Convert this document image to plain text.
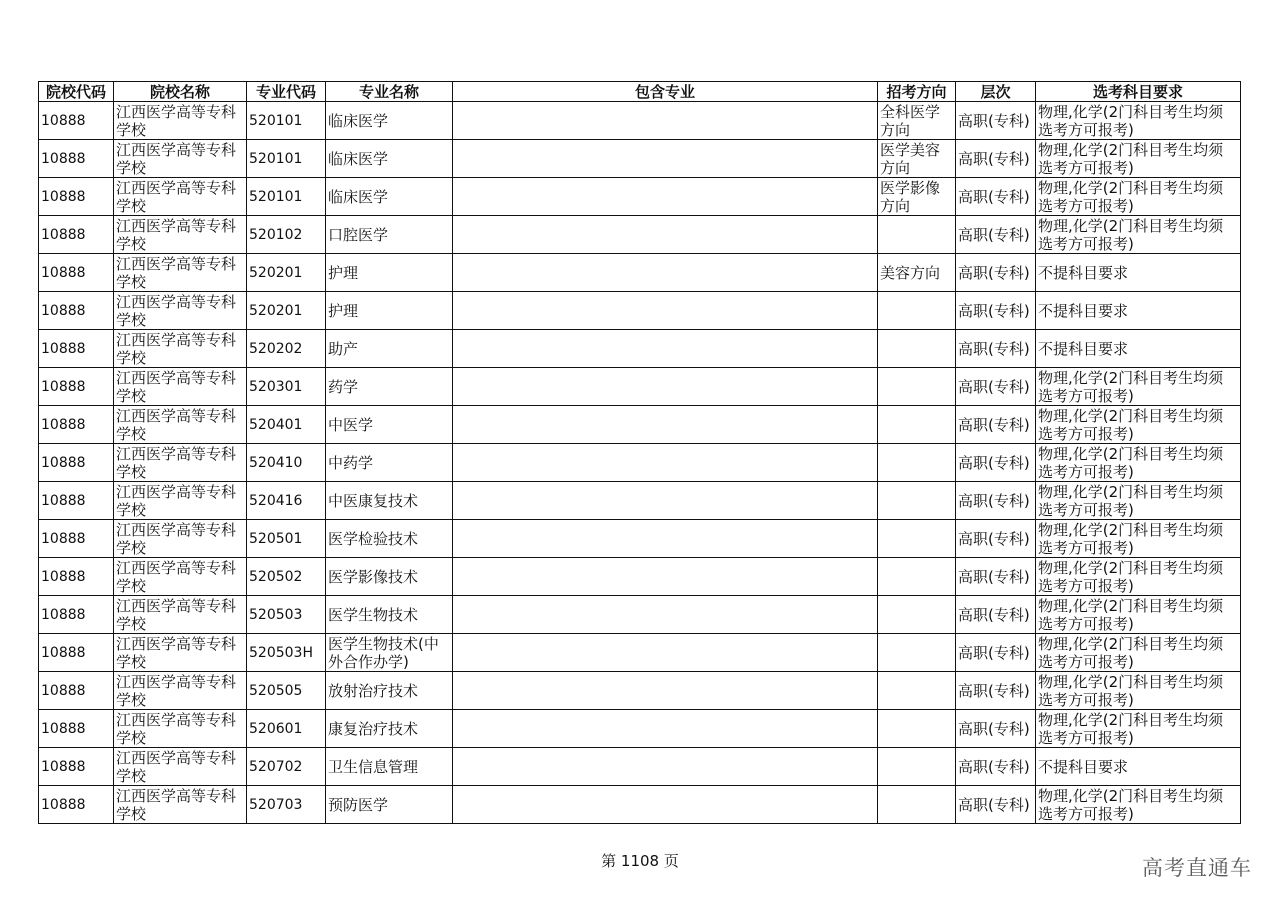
院校代码	院校名称	专业代码	专业名称	包含专业	招考方向	层次	选考科目要求
10888	江西医学高等专科学校	520101	临床医学		全科医学方向	高职(专科)	物理,化学(2门科目考生均须选考方可报考)
10888	江西医学高等专科学校	520101	临床医学		医学美容方向	高职(专科)	物理,化学(2门科目考生均须选考方可报考)
10888	江西医学高等专科学校	520101	临床医学		医学影像方向	高职(专科)	物理,化学(2门科目考生均须选考方可报考)
10888	江西医学高等专科学校	520102	口腔医学			高职(专科)	物理,化学(2门科目考生均须选考方可报考)
10888	江西医学高等专科学校	520201	护理		美容方向	高职(专科)	不提科目要求
10888	江西医学高等专科学校	520201	护理			高职(专科)	不提科目要求
10888	江西医学高等专科学校	520202	助产			高职(专科)	不提科目要求
10888	江西医学高等专科学校	520301	药学			高职(专科)	物理,化学(2门科目考生均须选考方可报考)
10888	江西医学高等专科学校	520401	中医学			高职(专科)	物理,化学(2门科目考生均须选考方可报考)
10888	江西医学高等专科学校	520410	中药学			高职(专科)	物理,化学(2门科目考生均须选考方可报考)
10888	江西医学高等专科学校	520416	中医康复技术			高职(专科)	物理,化学(2门科目考生均须选考方可报考)
10888	江西医学高等专科学校	520501	医学检验技术			高职(专科)	物理,化学(2门科目考生均须选考方可报考)
10888	江西医学高等专科学校	520502	医学影像技术			高职(专科)	物理,化学(2门科目考生均须选考方可报考)
10888	江西医学高等专科学校	520503	医学生物技术			高职(专科)	物理,化学(2门科目考生均须选考方可报考)
10888	江西医学高等专科学校	520503H	医学生物技术(中外合作办学)			高职(专科)	物理,化学(2门科目考生均须选考方可报考)
10888	江西医学高等专科学校	520505	放射治疗技术			高职(专科)	物理,化学(2门科目考生均须选考方可报考)
10888	江西医学高等专科学校	520601	康复治疗技术			高职(专科)	物理,化学(2门科目考生均须选考方可报考)
10888	江西医学高等专科学校	520702	卫生信息管理			高职(专科)	不提科目要求
10888	江西医学高等专科学校	520703	预防医学			高职(专科)	物理,化学(2门科目考生均须选考方可报考)
第 1108 页	高考直通车
